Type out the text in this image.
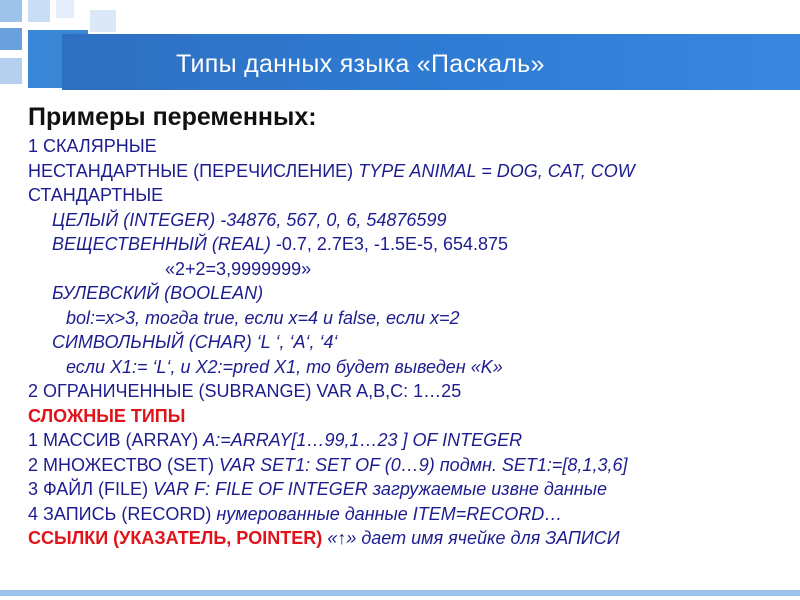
Типы данных языка «Паскаль»
Примеры переменных:
1 СКАЛЯРНЫЕ
НЕСТАНДАРТНЫЕ (ПЕРЕЧИСЛЕНИЕ) TYPE ANIMAL = DOG, CAT, COW
СТАНДАРТНЫЕ
ЦЕЛЫЙ (INTEGER) -34876, 567, 0, 6, 54876599
ВЕЩЕСТВЕННЫЙ (REAL) -0.7, 2.7E3, -1.5E-5, 654.875
«2+2=3,9999999»
БУЛЕВСКИЙ (BOOLEAN)
bol:=x>3, тогда true, если x=4 и false, если x=2
СИМВОЛЬНЫЙ (CHAR) ‘L ‘, ‘A‘, ‘4‘
если X1:= ‘L‘, и X2:=pred X1, то будет выведен «K»
2 ОГРАНИЧЕННЫЕ (SUBRANGE) VAR A,B,C: 1…25
СЛОЖНЫЕ ТИПЫ
1 МАССИВ (ARRAY) A:=ARRAY[1…99,1…23 ] OF INTEGER
2 МНОЖЕСТВО (SET) VAR SET1: SET OF (0…9) подмн. SET1:=[8,1,3,6]
3 ФАЙЛ (FILE) VAR F: FILE OF INTEGER загружаемые извне данные
4 ЗАПИСЬ (RECORD) нумерованные данные ITEM=RECORD…
ССЫЛКИ (УКАЗАТЕЛЬ, POINTER) «↑» дает имя ячейке для ЗАПИСИ
